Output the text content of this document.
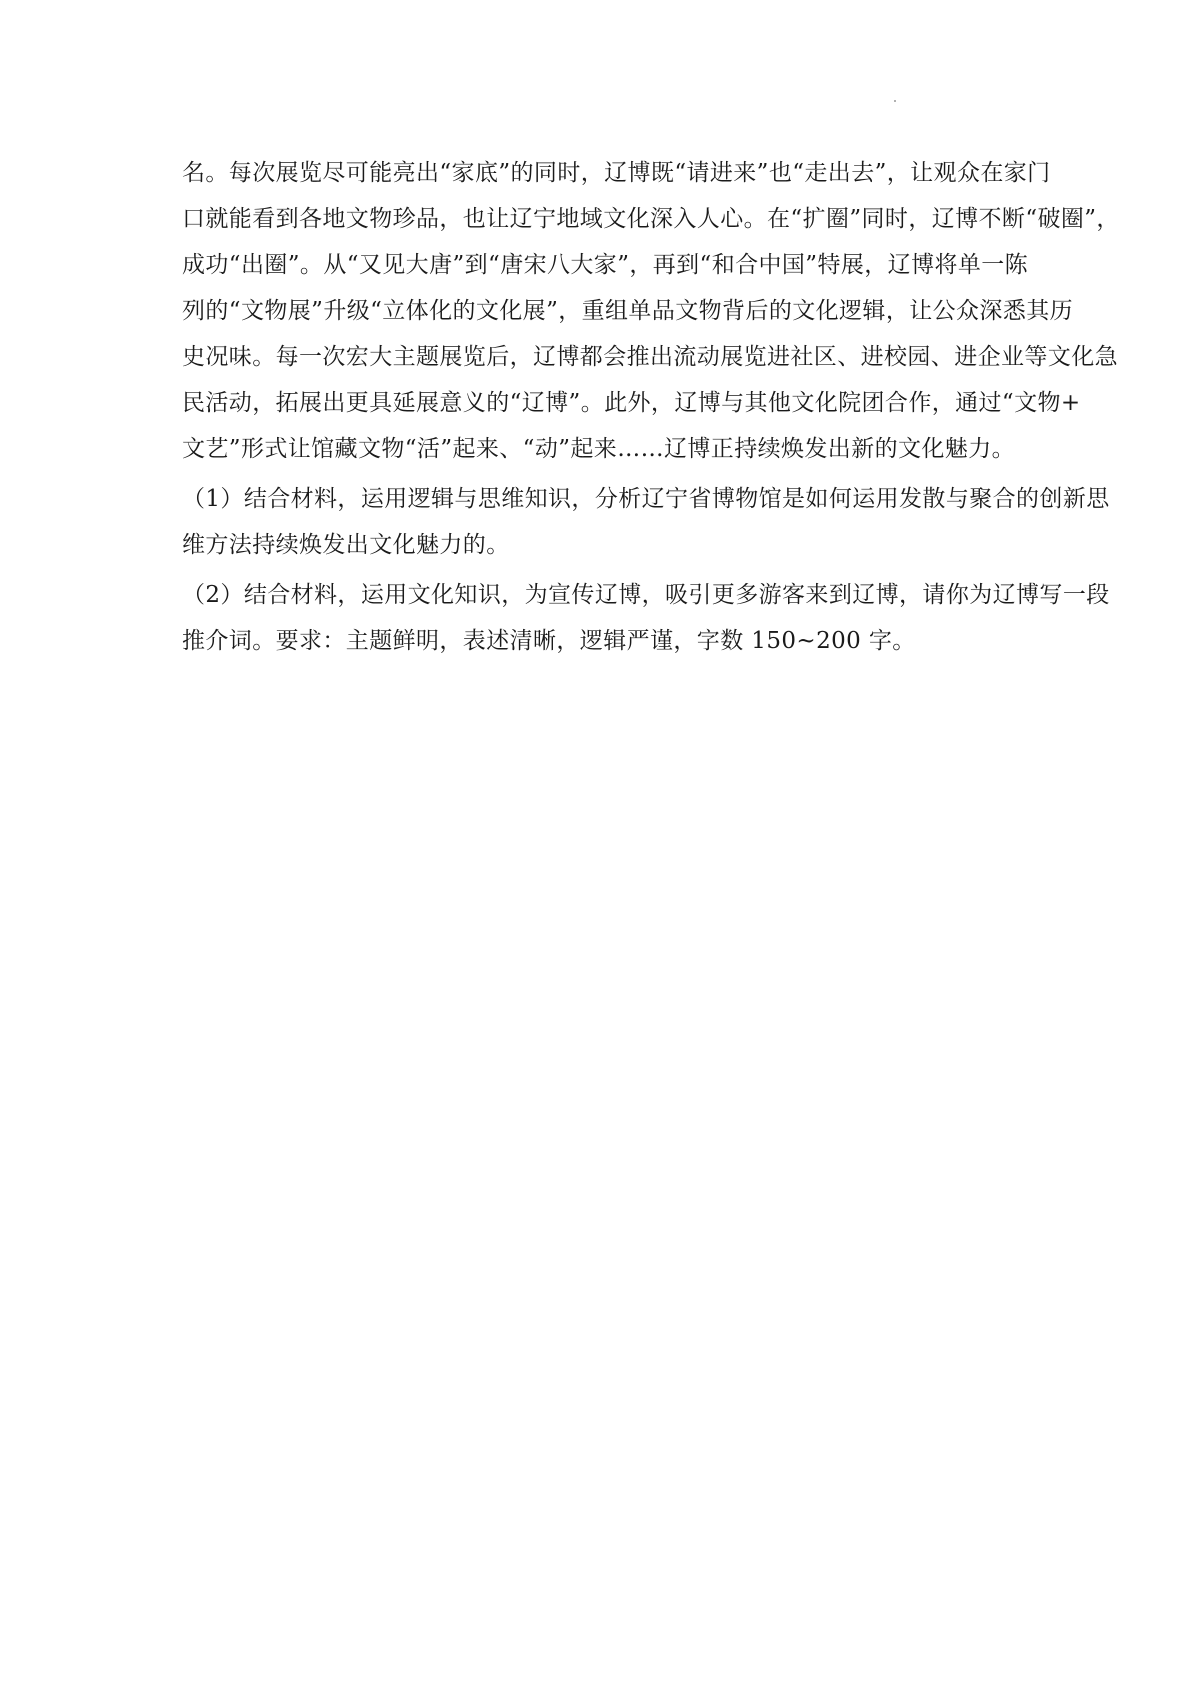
名。每次展览尽可能亮出“家底”的同时，辽博既“请进来”也“走出去”，让观众在家门
口就能看到各地文物珍品，也让辽宁地域文化深入人心。在“扩圈”同时，辽博不断“破圈”，
成功“出圈”。从“又见大唐”到“唐宋八大家”，再到“和合中国”特展，辽博将单一陈
列的“文物展”升级“立体化的文化展”，重组单品文物背后的文化逻辑，让公众深悉其历
史况味。每一次宏大主题展览后，辽博都会推出流动展览进社区、进校园、进企业等文化急
民活动，拓展出更具延展意义的“辽博”。此外，辽博与其他文化院团合作，通过“文物+
文艺”形式让馆藏文物“活”起来、“动”起来……辽博正持续焕发出新的文化魅力。
（1）结合材料，运用逻辑与思维知识，分析辽宁省博物馆是如何运用发散与聚合的创新思
维方法持续焕发出文化魅力的。
（2）结合材料，运用文化知识，为宣传辽博，吸引更多游客来到辽博，请你为辽博写一段
推介词。要求：主题鲜明，表述清晰，逻辑严谨，字数 150~200 字。
